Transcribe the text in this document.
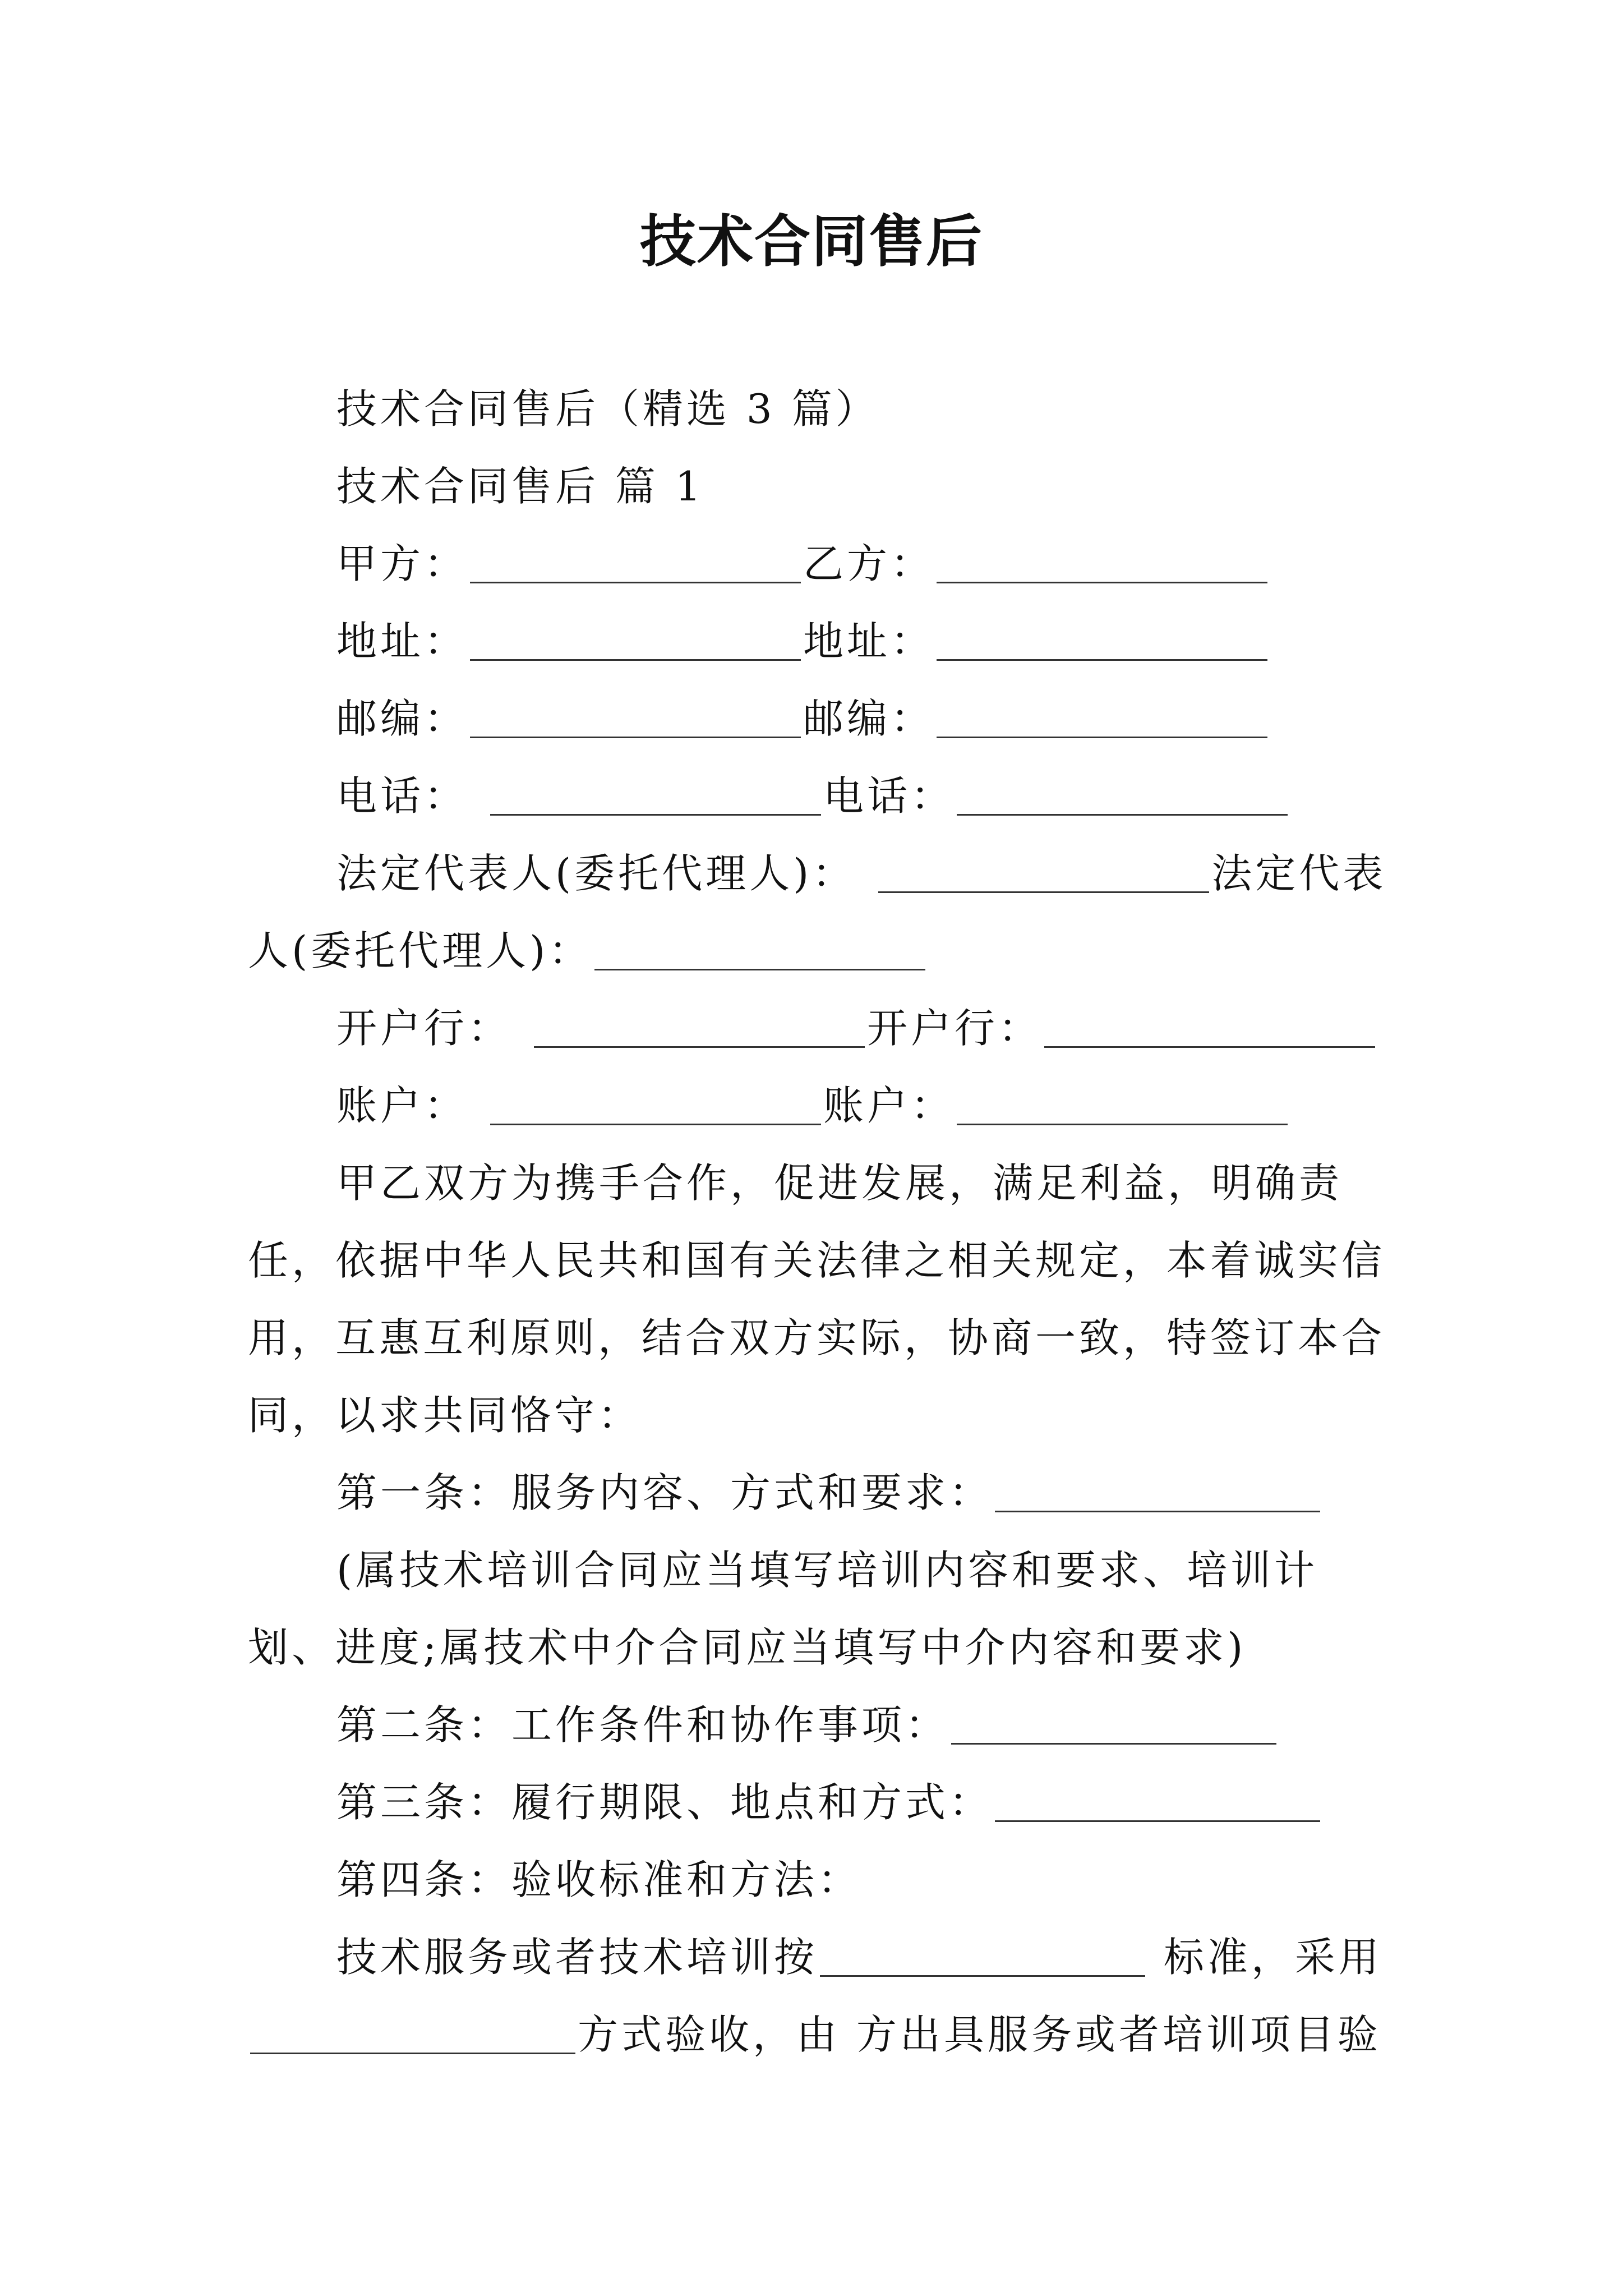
技术合同售后
技术合同售后（精选 3 篇）
技术合同售后 篇 1
甲方：	乙方：
地址：	地址：
邮编：	邮编：
电话：	电话：
法定代表人(委托代理人)：	法定代表
人(委托代理人)：
开户行：	开户行：
账户：	账户：
甲乙双方为携手合作，促进发展，满足利益，明确责任，依据中华人民共和国有关法律之相关规定，本着诚实信用，互惠互利原则，结合双方实际，协商一致，特签订本合同，以求共同恪守：
第一条：服务内容、方式和要求：
(属技术培训合同应当填写培训内容和要求、培训计划、进度;属技术中介合同应当填写中介内容和要求)
第二条：工作条件和协作事项：
第三条：履行期限、地点和方式：
第四条：验收标准和方法：
技术服务或者技术培训按	标准，采用
方式验收，由 方出具服务或者培训项目验
